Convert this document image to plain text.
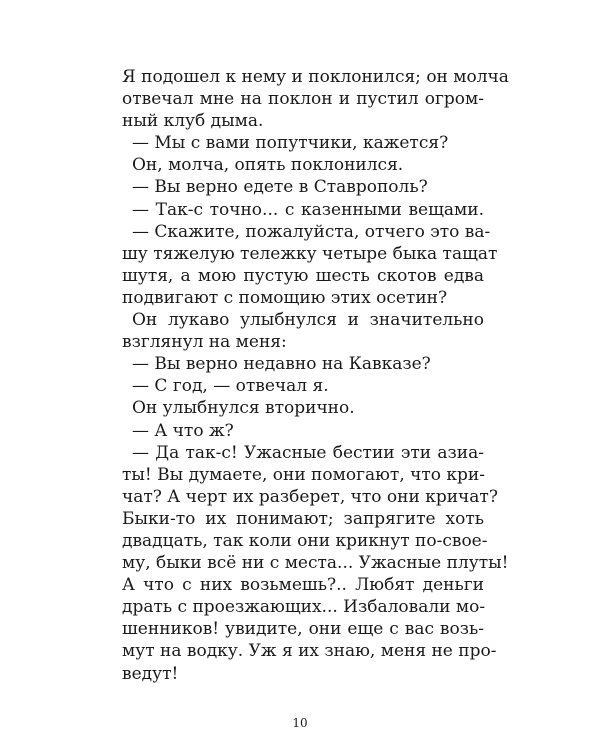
Я подошел к нему и поклонился; он молча
отвечал мне на поклон и пустил огром-
ный клуб дыма.
— Мы с вами попутчики, кажется?
Он, молча, опять поклонился.
— Вы верно едете в Ставрополь?
— Так-с точно... с казенными вещами.
— Скажите, пожалуйста, отчего это ва-
шу тяжелую тележку четыре быка тащат
шутя, а мою пустую шесть скотов едва
подвигают с помощию этих осетин?
Он лукаво улыбнулся и значительно
взглянул на меня:
— Вы верно недавно на Кавказе?
— С год, — отвечал я.
Он улыбнулся вторично.
— А что ж?
— Да так-с! Ужасные бестии эти азиа-
ты! Вы думаете, они помогают, что кри-
чат? А черт их разберет, что они кричат?
Быки-то их понимают; запрягите хоть
двадцать, так коли они крикнут по-свое-
му, быки всё ни с места... Ужасные плуты!
А что с них возьмешь?.. Любят деньги
драть с проезжающих... Избаловали мо-
шенников! увидите, они еще с вас возь-
мут на водку. Уж я их знаю, меня не про-
ведут!
10
